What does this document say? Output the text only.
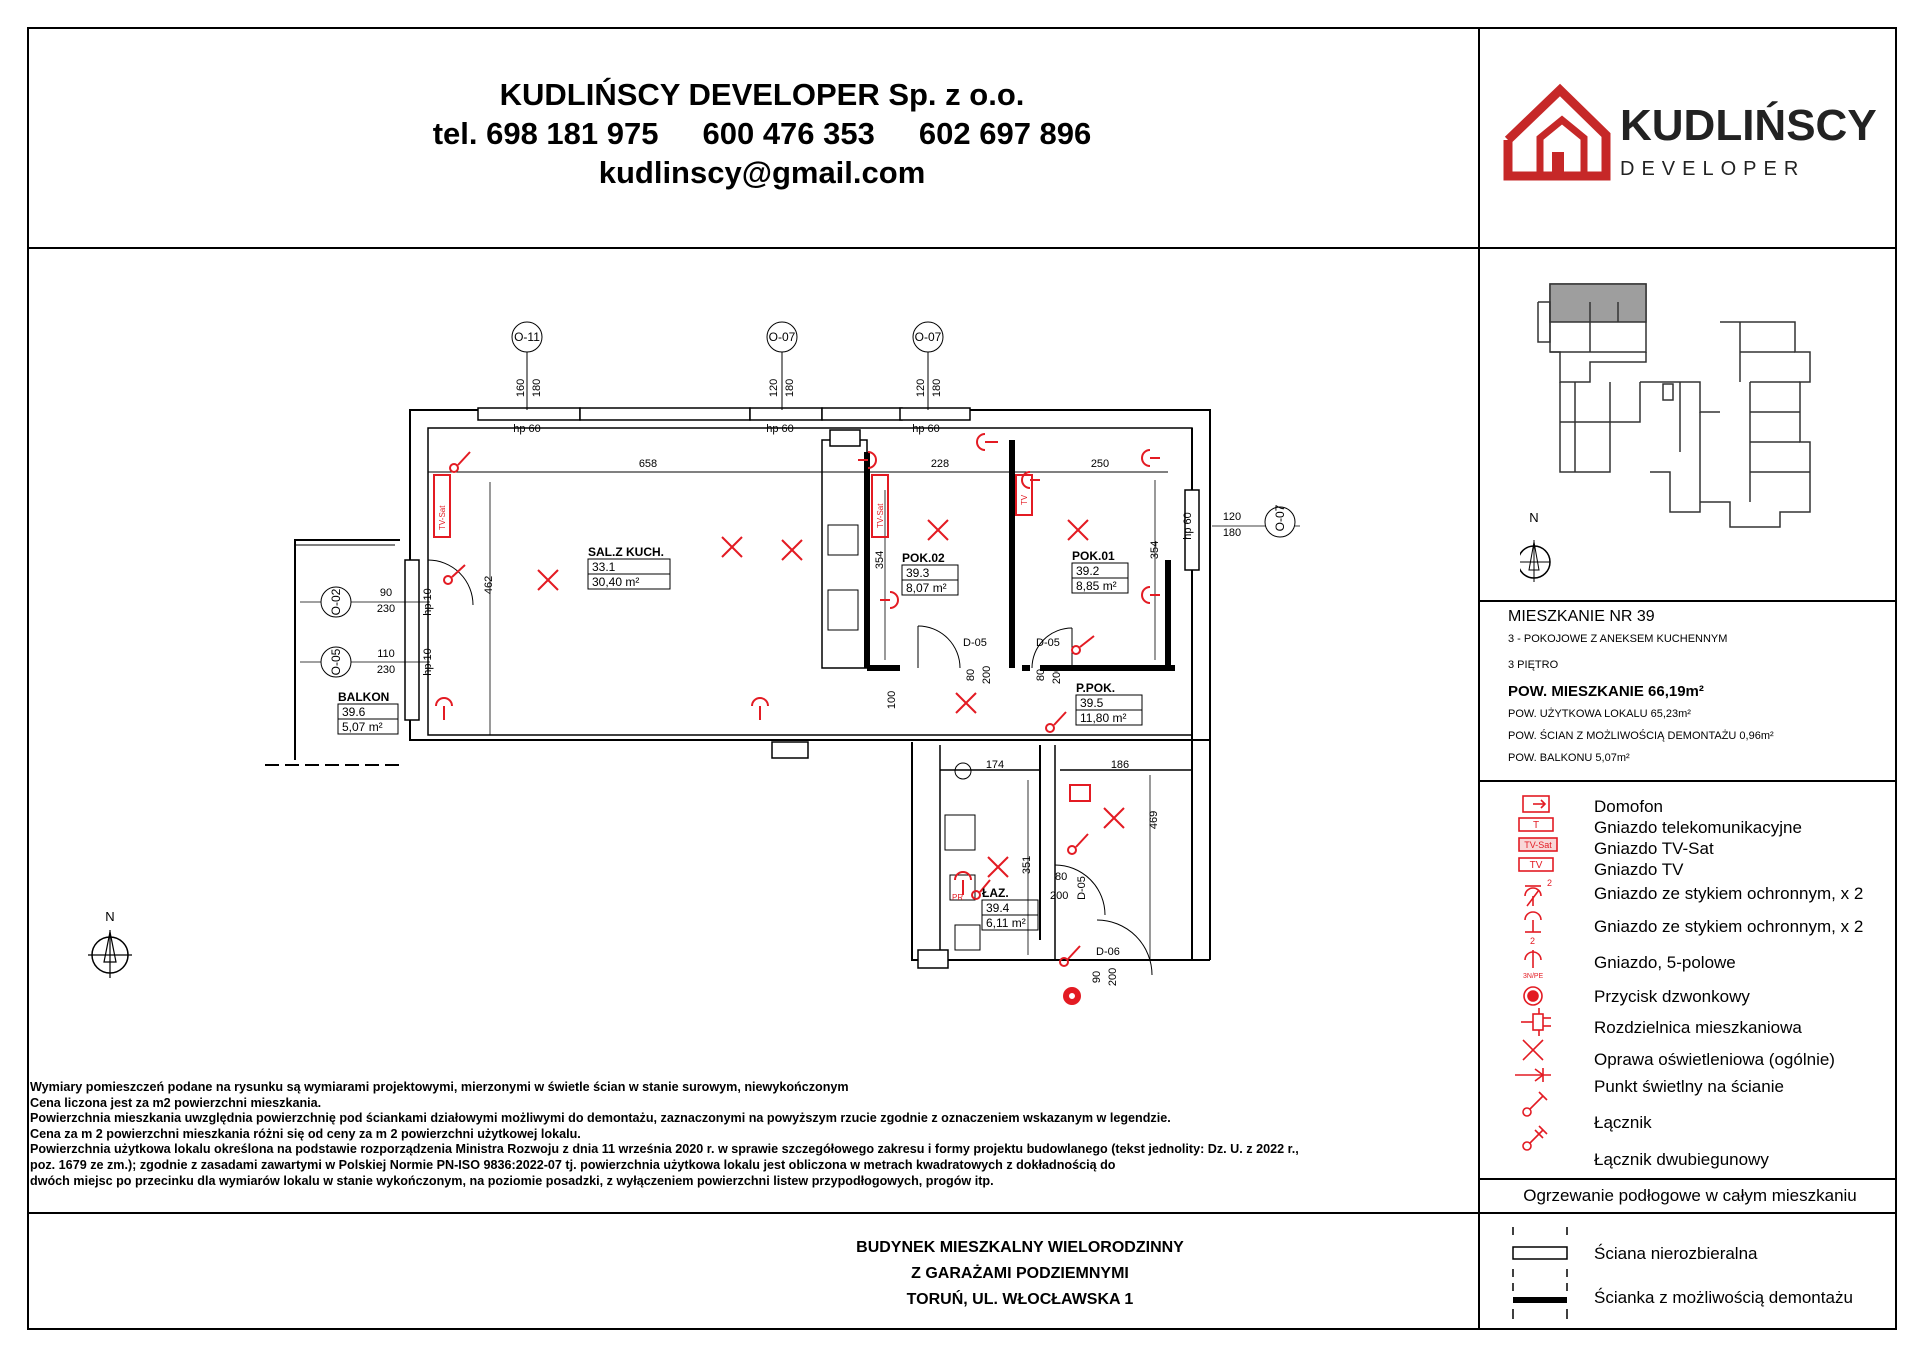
KUDLIŃSCY DEVELOPER Sp. z o.o.
tel. 698 181 975 600 476 353 602 697 896
kudlinscy@gmail.com
KUDLIŃSCY
DEVELOPER
O-11	O-07	O-07
O-07
O-02
O-05
658	228	250
462
354
354
100
174	186
351
469
160 180	120 180	120 180
120
180
90
230
110
230
hp 60	hp 60	hp 60
hp 60
hp 10
hp 10
SAL.Z KUCH.
33.1
30,40 m²
POK.02
39.3
8,07 m²
POK.01
39.2
8,85 m²
P.POK.
39.5
11,80 m²
ŁAZ.
39.4
6,11 m²
BALKON
39.6
5,07 m²
D-05
80 200
D-05
80 200
D-05
80
200
D-06
90 200
TV-Sat	TV-Sat
TV
PR
N
N
MIESZKANIE NR 39
3 - POKOJOWE Z ANEKSEM KUCHENNYM
3 PIĘTRO
POW. MIESZKANIE 66,19m²
POW. UŻYTKOWA LOKALU 65,23m²
POW. ŚCIAN Z MOŻLIWOŚCIĄ DEMONTAŻU 0,96m²
POW. BALKONU 5,07m²
T
TV-Sat
TV
2
2
3N/PE
Domofon
Gniazdo telekomunikacyjne
Gniazdo TV-Sat
Gniazdo TV
Gniazdo ze stykiem ochronnym, x 2
Gniazdo ze stykiem ochronnym, x 2
Gniazdo, 5-polowe
Przycisk dzwonkowy
Rozdzielnica mieszkaniowa
Oprawa oświetleniowa (ogólnie)
Punkt świetlny na ścianie
Łącznik
Łącznik dwubiegunowy
Ogrzewanie podłogowe w całym mieszkaniu
Ściana nierozbieralna
Ścianka z możliwością demontażu
Wymiary pomieszczeń podane na rysunku są wymiarami projektowymi, mierzonymi w świetle ścian w stanie surowym, niewykończonym
Cena liczona jest za m2 powierzchni mieszkania.
Powierzchnia mieszkania uwzględnia powierzchnię pod ściankami działowymi możliwymi do demontażu, zaznaczonymi na powyższym rzucie zgodnie z oznaczeniem wskazanym w legendzie.
Cena za m 2 powierzchni mieszkania różni się od ceny za m 2 powierzchni użytkowej lokalu.
Powierzchnia użytkowa lokalu określona na podstawie rozporządzenia Ministra Rozwoju z dnia 11 września 2020 r. w sprawie szczegółowego zakresu i formy projektu budowlanego (tekst jednolity: Dz. U. z 2022 r.,
poz. 1679 ze zm.); zgodnie z zasadami zawartymi w Polskiej Normie PN-ISO 9836:2022-07 tj. powierzchnia użytkowa lokalu jest obliczona w metrach kwadratowych z dokładnością do
dwóch miejsc po przecinku dla wymiarów lokalu w stanie wykończonym, na poziomie posadzki, z wyłączeniem powierzchni listew przypodłogowych, progów itp.
BUDYNEK MIESZKALNY WIELORODZINNY
Z GARAŻAMI PODZIEMNYMI
TORUŃ, UL. WŁOCŁAWSKA 1
